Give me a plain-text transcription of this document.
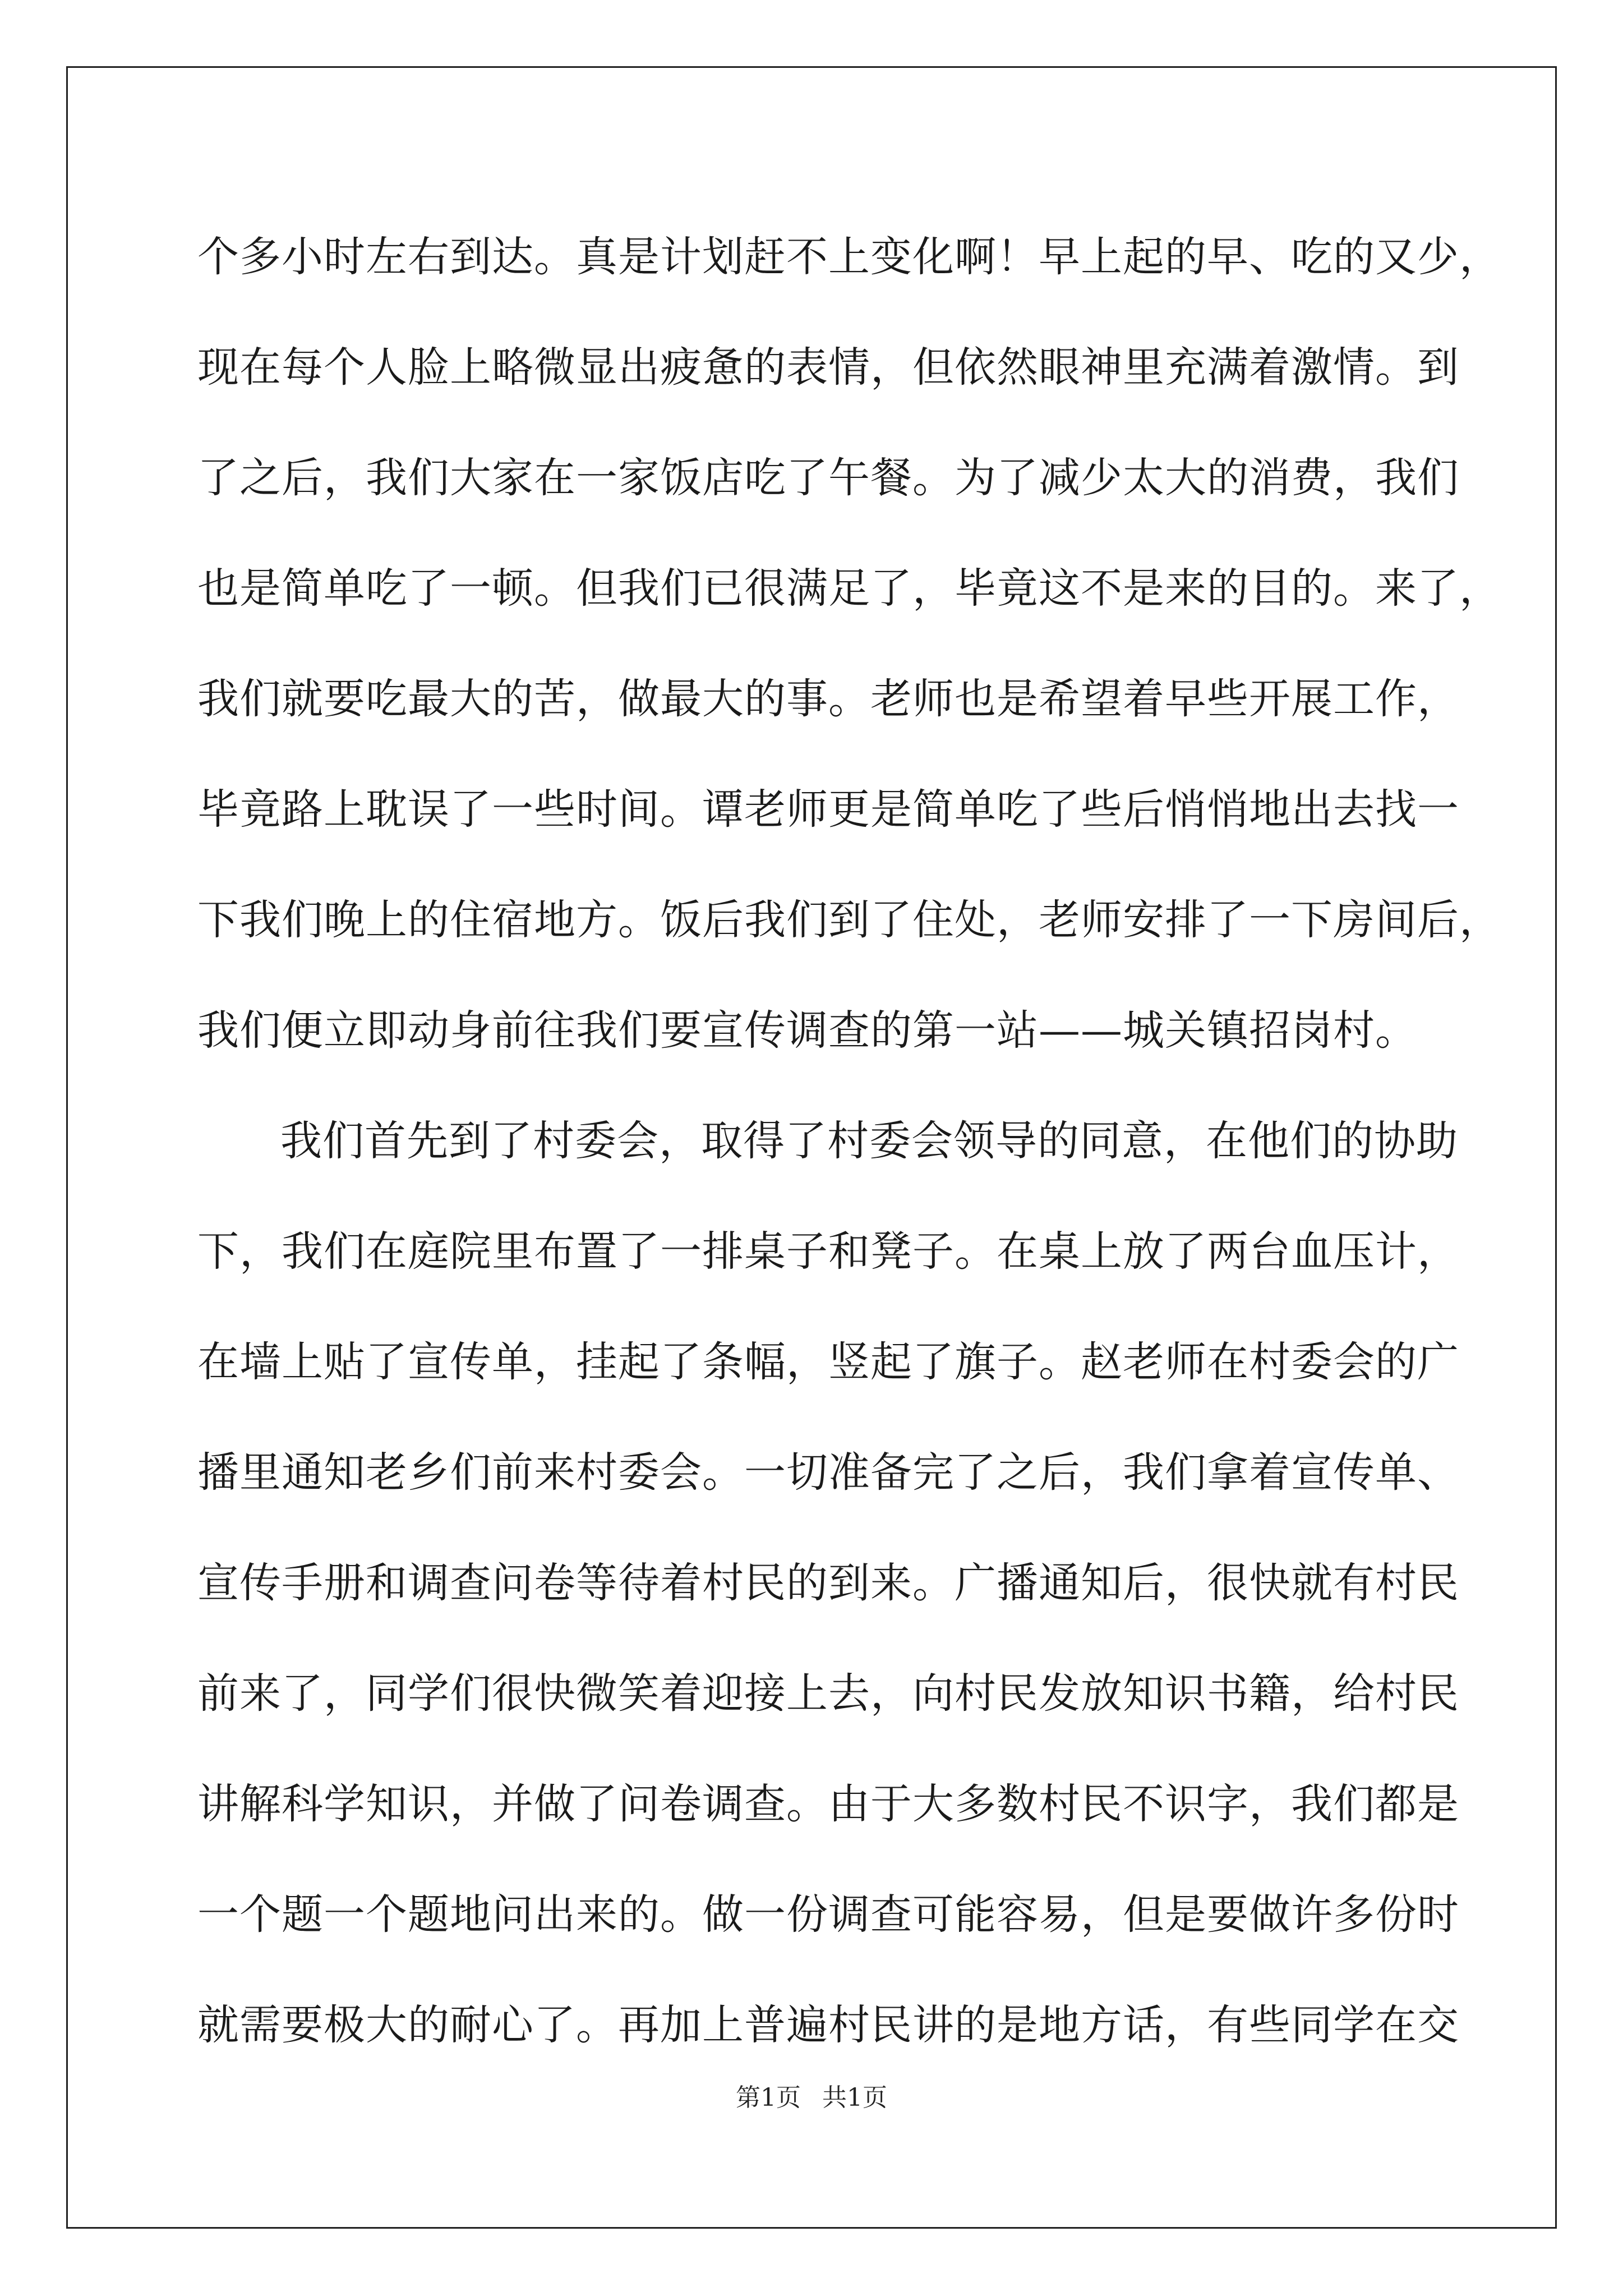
个多小时左右到达。真是计划赶不上变化啊！早上起的早、吃的又少，
现在每个人脸上略微显出疲惫的表情，但依然眼神里充满着激情。到
了之后，我们大家在一家饭店吃了午餐。为了减少太大的消费，我们
也是简单吃了一顿。但我们已很满足了，毕竟这不是来的目的。来了，
我们就要吃最大的苦，做最大的事。老师也是希望着早些开展工作，
毕竟路上耽误了一些时间。谭老师更是简单吃了些后悄悄地出去找一
下我们晚上的住宿地方。饭后我们到了住处，老师安排了一下房间后，
我们便立即动身前往我们要宣传调查的第一站——城关镇招岗村。
我们首先到了村委会，取得了村委会领导的同意，在他们的协助
下，我们在庭院里布置了一排桌子和凳子。在桌上放了两台血压计，
在墙上贴了宣传单，挂起了条幅，竖起了旗子。赵老师在村委会的广
播里通知老乡们前来村委会。一切准备完了之后，我们拿着宣传单、
宣传手册和调查问卷等待着村民的到来。广播通知后，很快就有村民
前来了，同学们很快微笑着迎接上去，向村民发放知识书籍，给村民
讲解科学知识，并做了问卷调查。由于大多数村民不识字，我们都是
一个题一个题地问出来的。做一份调查可能容易，但是要做许多份时
就需要极大的耐心了。再加上普遍村民讲的是地方话，有些同学在交
第1页 共1页
